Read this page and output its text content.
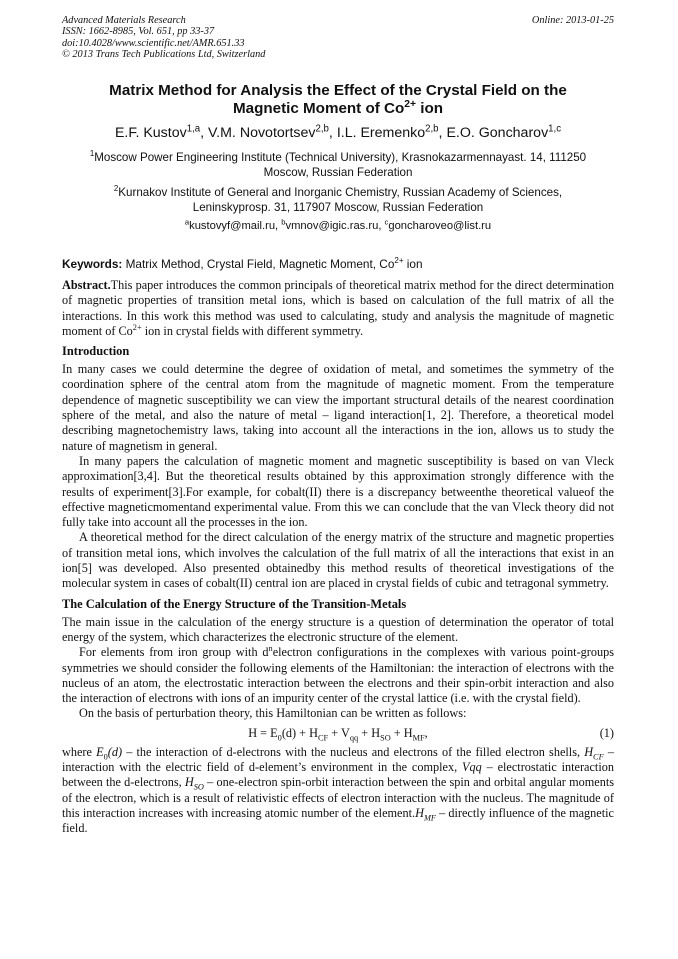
Advanced Materials Research
ISSN: 1662-8985, Vol. 651, pp 33-37
doi:10.4028/www.scientific.net/AMR.651.33
© 2013 Trans Tech Publications Ltd, Switzerland
Online: 2013-01-25
Matrix Method for Analysis the Effect of the Crystal Field on the
Magnetic Moment of $Co^{2+}$ ion
E.F. Kustov$^{1,a}$, V.M. Novotortsev$^{2,b}$, I.L. Eremenko$^{2,b}$, E.O. Goncharov$^{1,c}$
$^1$Moscow Power Engineering Institute (Technical University), Krasnokazarmennayast. 14, 111250
Moscow, Russian Federation
$^2$Kurnakov Institute of General and Inorganic Chemistry, Russian Academy of Sciences,
Leninskyprosp. 31, 117907 Moscow, Russian Federation
$^a$kustovyf@mail.ru, $^b$vmnov@igic.ras.ru, $^c$goncharoveo@list.ru
Keywords: Matrix Method, Crystal Field, Magnetic Moment, $Co^{2+}$ ion

Abstract.This paper introduces the common principals of theoretical matrix method for the direct determination of magnetic properties of transition metal ions, which is based on calculation of the full matrix of all the interactions. In this work this method was used to calculating, study and analysis the magnitude of magnetic moment of $Co^{2+}$ ion in crystal fields with different symmetry.

Introduction

In many cases we could determine the degree of oxidation of metal, and sometimes the symmetry of the coordination sphere of the central atom from the magnitude of magnetic moment. From the temperature dependence of magnetic susceptibility we can view the important structural details of the nearest coordination sphere of the metal, and also the nature of metal – ligand interaction[1, 2]. Therefore, a theoretical model describing magnetochemistry laws, taking into account all the interactions in the ion, allows us to study the nature of magnetism in general.

In many papers the calculation of magnetic moment and magnetic susceptibility is based on van Vleck approximation[3,4]. But the theoretical results obtained by this approximation strongly difference with the results of experiment[3].For example, for cobalt(II) there is a discrepancy betweenthe theoretical valueof the effective magneticmomentand experimental value. From this we can conclude that the van Vleck theory did not fully take into account all the processes in the ion.

A theoretical method for the direct calculation of the energy matrix of the structure and magnetic properties of transition metal ions, which involves the calculation of the full matrix of all the interactions that exist in an ion[5] was developed. Also presented obtainedby this method results of theoretical investigations of the molecular system in cases of cobalt(II) central ion are placed in crystal fields of cubic and tetragonal symmetry.

The Calculation of the Energy Structure of the Transition-Metals

The main issue in the calculation of the energy structure is a question of determination the operator of total energy of the system, which characterizes the electronic structure of the element.

For elements from iron group with $d^nelectron$ configurations in the complexes with various point-groups symmetries we should consider the following elements of the Hamiltonian: the interaction of electrons with the nucleus of an atom, the electrostatic interaction between the electrons and their spin-orbit interaction and also the interaction of electrons with ions of an impurity center of the crystal lattice (i.e. with the crystal field).

On the basis of perturbation theory, this Hamiltonian can be written as follows:

$H = E_0(d) + H_{CF} + V_{qq} + H_{SO} + H_{MF}$,	(1)

where $E_0(d)$ – the interaction of d-electrons with the nucleus and electrons of the filled electron shells, $H_{CF}$ – interaction with the electric field of d-element’s environment in the complex, Vqq – electrostatic interaction between the d-electrons, $H_{SO}$ – one-electron spin-orbit interaction between the spin and orbital angular moments of the electron, which is a result of relativistic effects of electron interaction with the nucleus. The magnitude of this interaction increases with increasing atomic number of the $element.H_{MF}$ – directly influence of the magnetic field.
